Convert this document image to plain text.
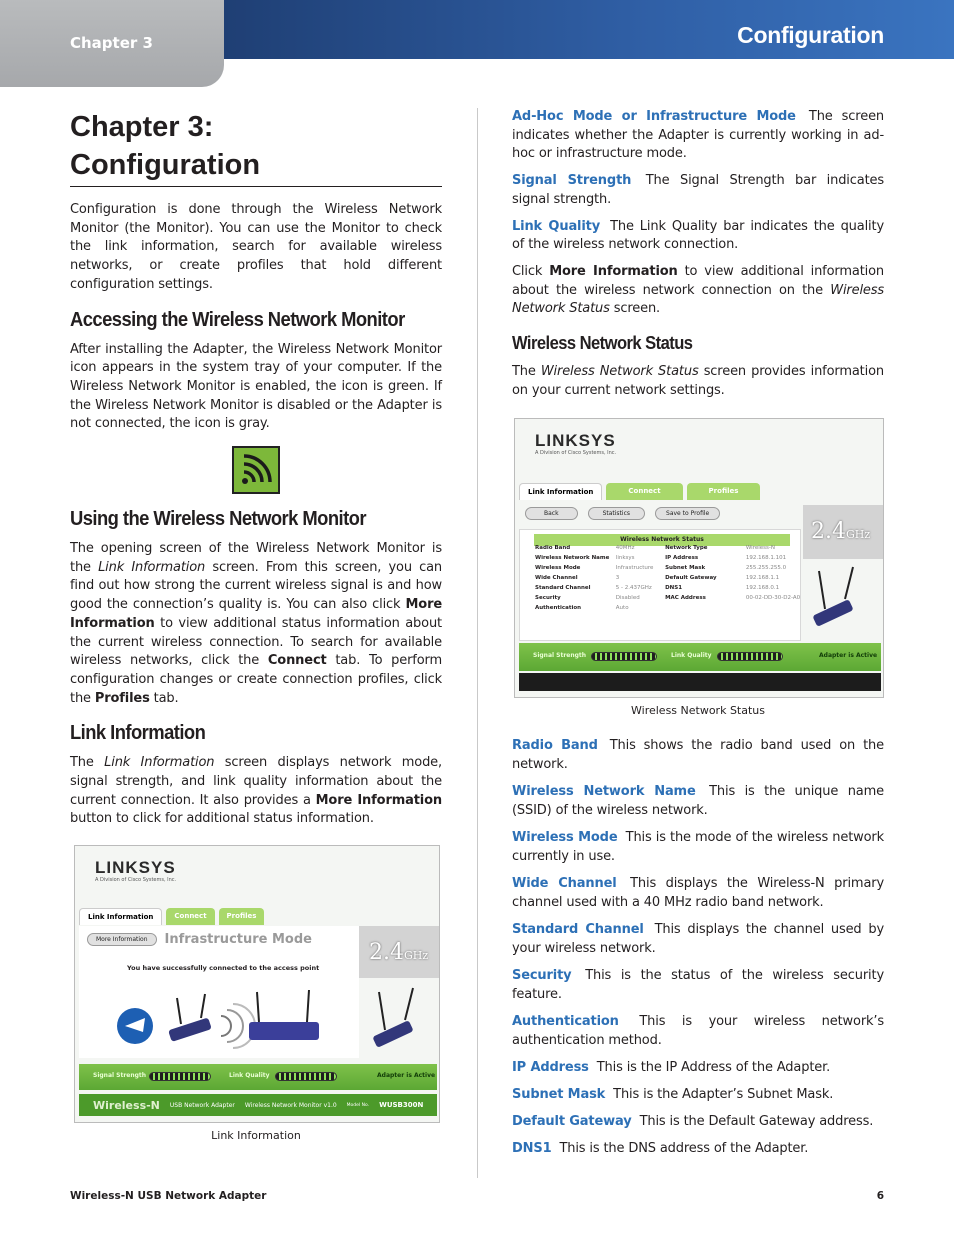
Chapter 3	Configuration
Chapter 3: Configuration

Configuration is done through the Wireless Network Monitor (the Monitor). You can use the Monitor to check the link information, search for available wireless networks, or create profiles that hold different configuration settings.

Accessing the Wireless Network Monitor

After installing the Adapter, the Wireless Network Monitor icon appears in the system tray of your computer. If the Wireless Network Monitor is enabled, the icon is green. If the Wireless Network Monitor is disabled or the Adapter is not connected, the icon is gray.

Using the Wireless Network Monitor

The opening screen of the Wireless Network Monitor is the Link Information screen. From this screen, you can find out how strong the current wireless signal is and how good the connection’s quality is. You can also click More Information to view additional status information about the current wireless connection. To search for available wireless networks, click the Connect tab. To perform configuration changes or create connection profiles, click the Profiles tab.

Link Information

The Link Information screen displays network mode, signal strength, and link quality information about the current connection. It also provides a More Information button to click for additional status information.

LINKSYS
A Division of Cisco Systems, Inc.
Link Information	Connect	Profiles
More Information	Infrastructure Mode
You have successfully connected to the access point
2.4GHz
Signal Strength	Link Quality	Adapter is Active
Wireless-N USB Network Adapter Wireless Network Monitor v1.0 Model No. WUSB300N
Link Information

Ad-Hoc Mode or Infrastructure Mode The screen indicates whether the Adapter is currently working in ad-hoc or infrastructure mode.

Signal Strength The Signal Strength bar indicates signal strength.

Link Quality The Link Quality bar indicates the quality of the wireless network connection.

Click More Information to view additional information about the wireless network connection on the Wireless Network Status screen.

Wireless Network Status

The Wireless Network Status screen provides information on your current network settings.

LINKSYS
A Division of Cisco Systems, Inc.
Link Information	Connect	Profiles
Back	Statistics	Save to Profile
Wireless Network Status
Radio Band	40MHz	Network Type	Wireless-N
Wireless Network Name	linksys	IP Address	192.168.1.101
Wireless Mode	Infrastructure	Subnet Mask	255.255.255.0
Wide Channel	3	Default Gateway	192.168.1.1
Standard Channel	5 - 2.437GHz	DNS1	192.168.0.1
Security	Disabled	MAC Address	00-02-DD-30-D2-A0
Authentication	Auto
2.4GHz
Signal Strength	Link Quality	Adapter is Active
Wireless Network Status

Radio Band This shows the radio band used on the network.

Wireless Network Name This is the unique name (SSID) of the wireless network.

Wireless Mode This is the mode of the wireless network currently in use.

Wide Channel This displays the Wireless-N primary channel used with a 40 MHz radio band network.

Standard Channel This displays the channel used by your wireless network.

Security This is the status of the wireless security feature.

Authentication This is your wireless network’s authentication method.

IP Address This is the IP Address of the Adapter.

Subnet Mask This is the Adapter’s Subnet Mask.

Default Gateway This is the Default Gateway address.

DNS1 This is the DNS address of the Adapter.

Wireless-N USB Network Adapter	6
